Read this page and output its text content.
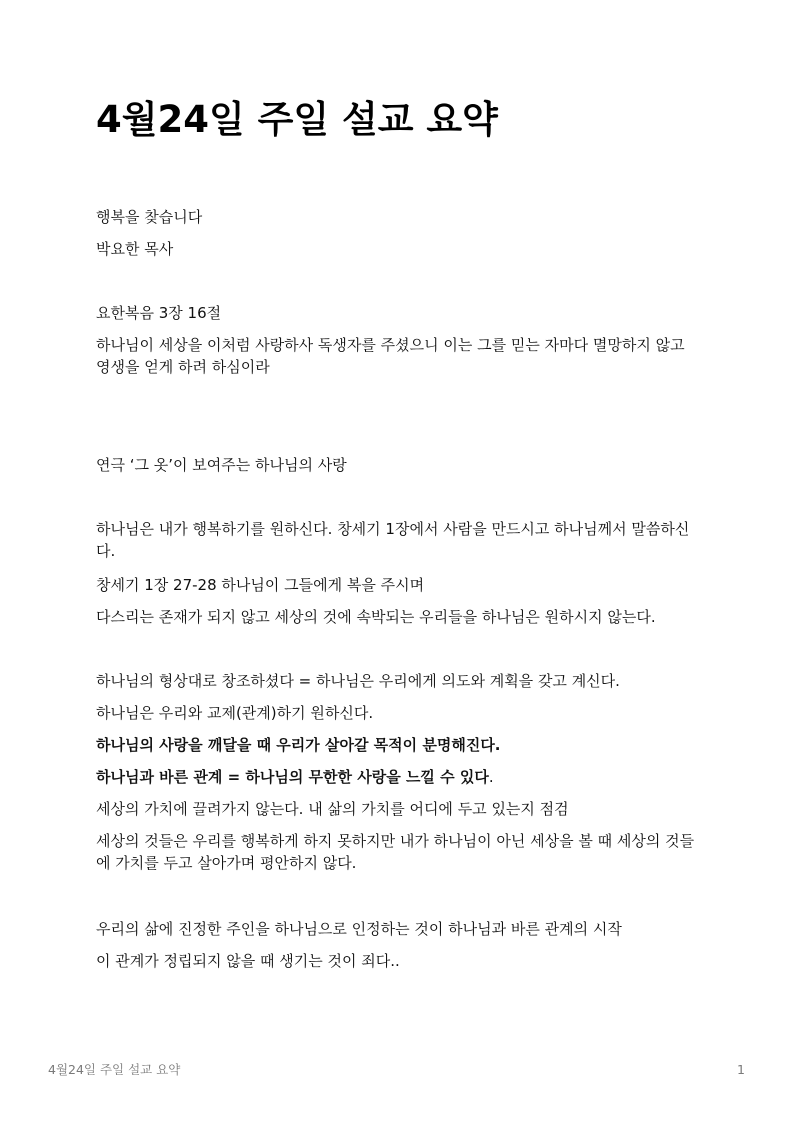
4월24일 주일 설교 요약

행복을 찾습니다

박요한 목사

요한복음 3장 16절

하나님이 세상을 이처럼 사랑하사 독생자를 주셨으니 이는 그를 믿는 자마다 멸망하지 않고 영생을 얻게 하려 하심이라

연극 ‘그 옷’이 보여주는 하나님의 사랑

하나님은 내가 행복하기를 원하신다. 창세기 1장에서 사람을 만드시고 하나님께서 말씀하신다.

창세기 1장 27-28 하나님이 그들에게 복을 주시며

다스리는 존재가 되지 않고 세상의 것에 속박되는 우리들을 하나님은 원하시지 않는다.

하나님의 형상대로 창조하셨다 = 하나님은 우리에게 의도와 계획을 갖고 계신다.

하나님은 우리와 교제(관계)하기 원하신다.

하나님의 사랑을 깨달을 때 우리가 살아갈 목적이 분명해진다.

하나님과 바른 관계 = 하나님의 무한한 사랑을 느낄 수 있다.

세상의 가치에 끌려가지 않는다. 내 삶의 가치를 어디에 두고 있는지 점검

세상의 것들은 우리를 행복하게 하지 못하지만 내가 하나님이 아닌 세상을 볼 때 세상의 것들에 가치를 두고 살아가며 평안하지 않다.

우리의 삶에 진정한 주인을 하나님으로 인정하는 것이 하나님과 바른 관계의 시작

이 관계가 정립되지 않을 때 생기는 것이 죄다..

4월24일 주일 설교 요약	1
